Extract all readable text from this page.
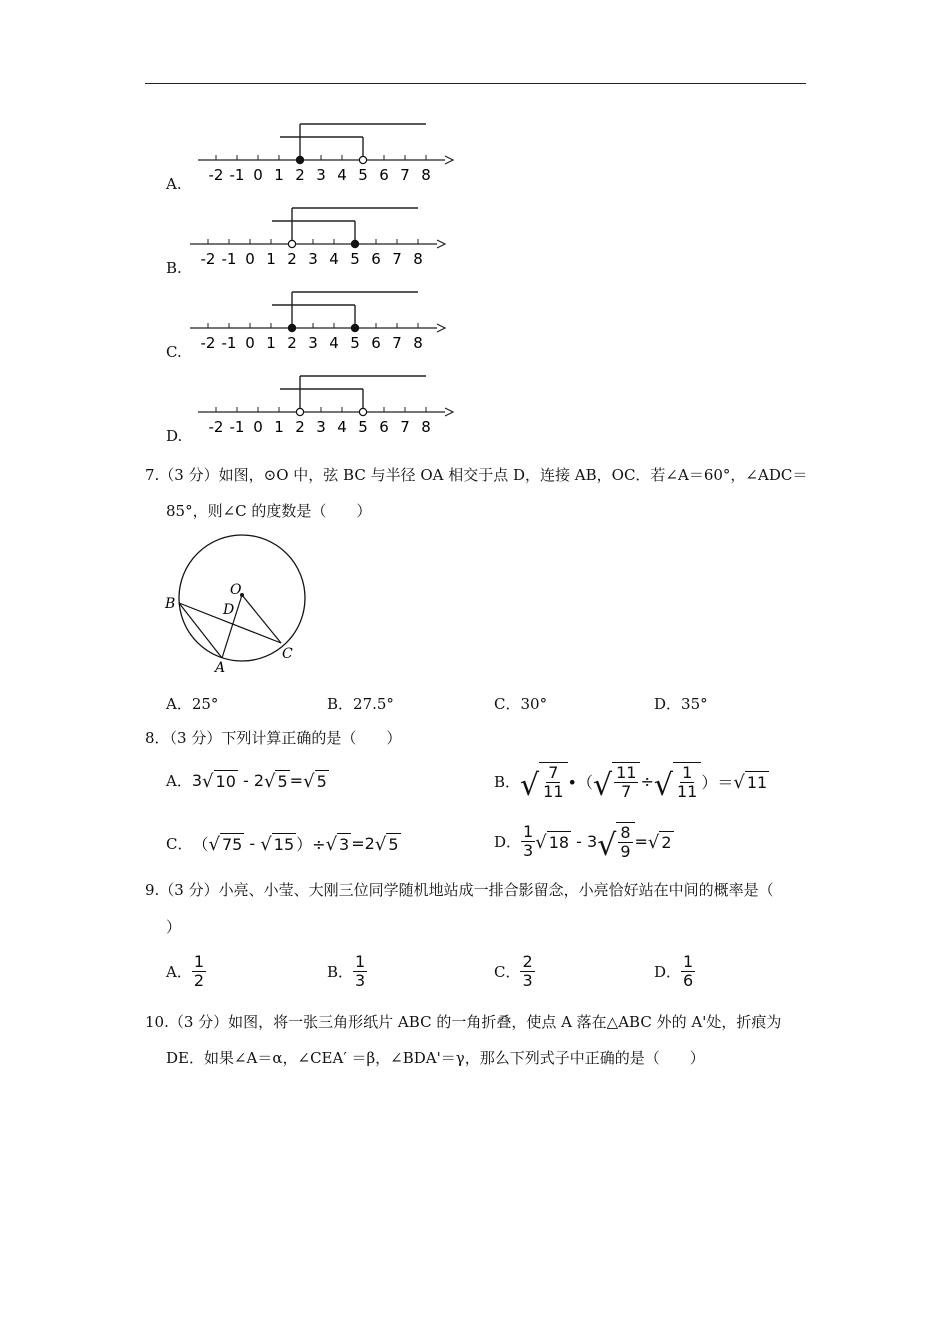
A. -2 -1 0 1 2 3 4 5 6 7 8
B. -2 -1 0 1 2 3 4 5 6 7 8
C. -2 -1 0 1 2 3 4 5 6 7 8
D. -2 -1 0 1 2 3 4 5 6 7 8
7.（3 分）如图，⊙O 中，弦 BC 与半径 OA 相交于点 D，连接 AB，OC．若∠A＝60°，∠ADC＝
85°，则∠C 的度数是（　　）
O
B	D
A
C
A．25°	B．27.5°	C．30°	D．35°
8．（3 分）下列计算正确的是（　　）
A． 3 √ 10 - 2 √ 5 = √ 5	B． √ $\frac{7}{11}$ •（ √ $\frac{11}{7}$ ÷ √ $\frac{1}{11}$ ）＝ √ 11
C． （ √ 75 - √ 15 ）÷ √ 3 =2 √ 5	D． $\frac{1}{3}$ √ 18 - 3 √ $\frac{8}{9}$ = √ 2
9.（3 分）小亮、小莹、大刚三位同学随机地站成一排合影留念，小亮恰好站在中间的概率是（
）
A． $\frac{1}{2}$	B． $\frac{1}{3}$	C． $\frac{2}{3}$	D． $\frac{1}{6}$
10.（3 分）如图，将一张三角形纸片 ABC 的一角折叠，使点 A 落在△ABC 外的 A'处，折痕为
DE．如果∠A＝α，∠CEA′ ＝β，∠BDA'＝γ，那么下列式子中正确的是（　　）
